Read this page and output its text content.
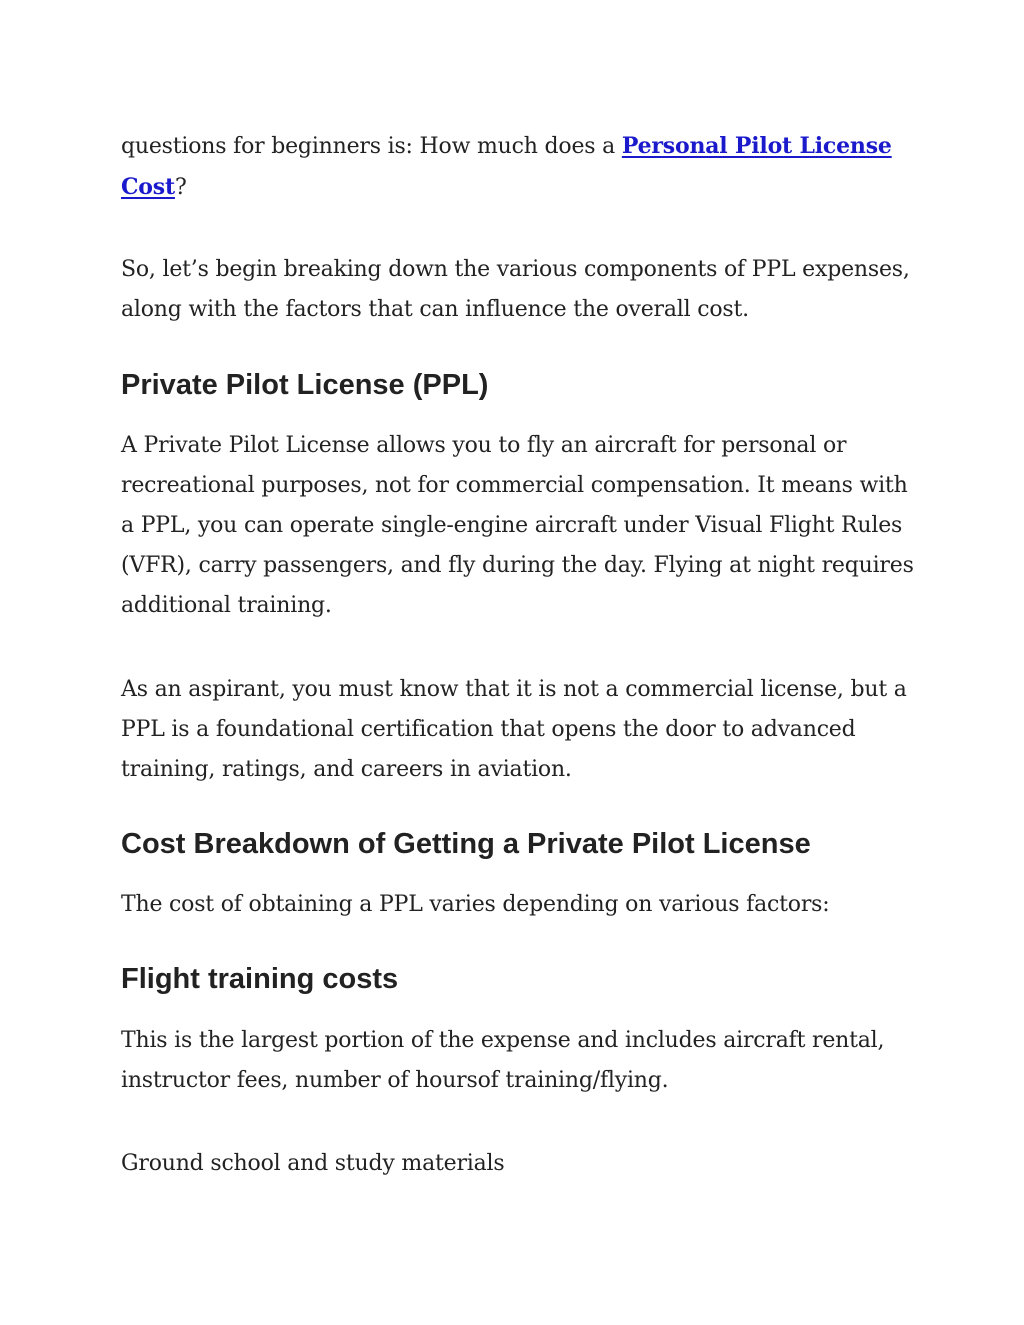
questions for beginners is: How much does a Personal Pilot License Cost?

So, let’s begin breaking down the various components of PPL expenses, along with the factors that can influence the overall cost.

Private Pilot License (PPL)

A Private Pilot License allows you to fly an aircraft for personal or recreational purposes, not for commercial compensation. It means with a PPL, you can operate single-engine aircraft under Visual Flight Rules (VFR), carry passengers, and fly during the day. Flying at night requires additional training.

As an aspirant, you must know that it is not a commercial license, but a PPL is a foundational certification that opens the door to advanced training, ratings, and careers in aviation.

Cost Breakdown of Getting a Private Pilot License

The cost of obtaining a PPL varies depending on various factors:

Flight training costs

This is the largest portion of the expense and includes aircraft rental, instructor fees, number of hoursof training/flying.

Ground school and study materials
